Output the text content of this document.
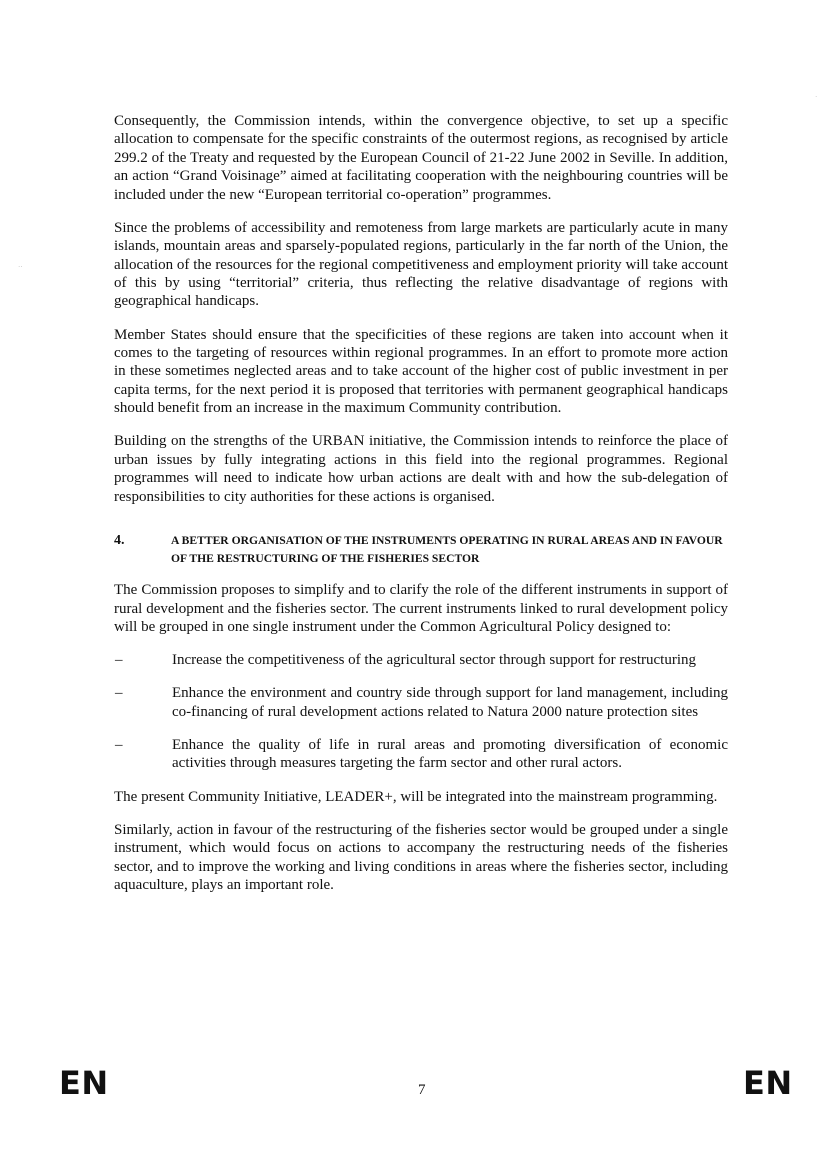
Consequently, the Commission intends, within the convergence objective, to set up a specific allocation to compensate for the specific constraints of the outermost regions, as recognised by article 299.2 of the Treaty and requested by the European Council of 21-22 June 2002 in Seville. In addition, an action “Grand Voisinage” aimed at facilitating cooperation with the neighbouring countries will be included under the new “European territorial co-operation” programmes.

Since the problems of accessibility and remoteness from large markets are particularly acute in many islands, mountain areas and sparsely-populated regions, particularly in the far north of the Union, the allocation of the resources for the regional competitiveness and employment priority will take account of this by using “territorial” criteria, thus reflecting the relative disadvantage of regions with geographical handicaps.

Member States should ensure that the specificities of these regions are taken into account when it comes to the targeting of resources within regional programmes. In an effort to promote more action in these sometimes neglected areas and to take account of the higher cost of public investment in per capita terms, for the next period it is proposed that territories with permanent geographical handicaps should benefit from an increase in the maximum Community contribution.

Building on the strengths of the URBAN initiative, the Commission intends to reinforce the place of urban issues by fully integrating actions in this field into the regional programmes. Regional programmes will need to indicate how urban actions are dealt with and how the sub-delegation of responsibilities to city authorities for these actions is organised.

4.	A BETTER ORGANISATION OF THE INSTRUMENTS OPERATING IN RURAL AREAS AND IN FAVOUR OF THE RESTRUCTURING OF THE FISHERIES SECTOR

The Commission proposes to simplify and to clarify the role of the different instruments in support of rural development and the fisheries sector. The current instruments linked to rural development policy will be grouped in one single instrument under the Common Agricultural Policy designed to:

–	Increase the competitiveness of the agricultural sector through support for restructuring
–	Enhance the environment and country side through support for land management, including co-financing of rural development actions related to Natura 2000 nature protection sites
–	Enhance the quality of life in rural areas and promoting diversification of economic activities through measures targeting the farm sector and other rural actors.

The present Community Initiative, LEADER+, will be integrated into the mainstream programming.

Similarly, action in favour of the restructuring of the fisheries sector would be grouped under a single instrument, which would focus on actions to accompany the restructuring needs of the fisheries sector, and to improve the working and living conditions in areas where the fisheries sector, including aquaculture, plays an important role.

··
·
EN	7	EN
